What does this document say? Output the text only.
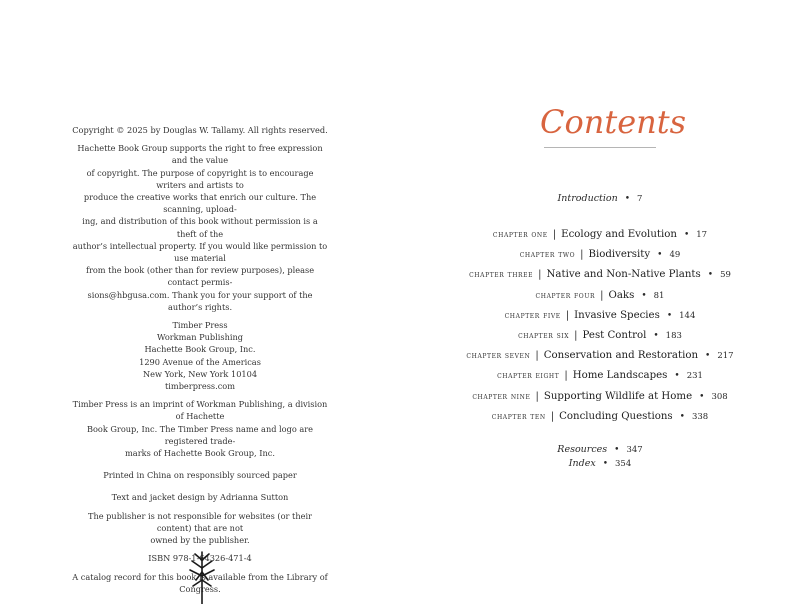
Copyright © 2025 by Douglas W. Tallamy. All rights reserved.
Hachette Book Group supports the right to free expression and the value
of copyright. The purpose of copyright is to encourage writers and artists to
produce the creative works that enrich our culture. The scanning, upload-
ing, and distribution of this book without permission is a theft of the
author’s intellectual property. If you would like permission to use material
from the book (other than for review purposes), please contact permis-
sions@hbgusa.com. Thank you for your support of the author’s rights.
Timber Press
Workman Publishing
Hachette Book Group, Inc.
1290 Avenue of the Americas
New York, New York 10104
timberpress.com
Timber Press is an imprint of Workman Publishing, a division of Hachette
Book Group, Inc. The Timber Press name and logo are registered trade-
marks of Hachette Book Group, Inc.
Printed in China on responsibly sourced paper
Text and jacket design by Adrianna Sutton
The publisher is not responsible for websites (or their content) that are not
owned by the publisher.
ISBN 978-1-64326-471-4
A catalog record for this book is available from the Library of Congress.
Contents
Introduction • 7
chapter one | Ecology and Evolution • 17
chapter two | Biodiversity • 49
chapter three | Native and Non-Native Plants • 59
chapter four | Oaks • 81
chapter five | Invasive Species • 144
chapter six | Pest Control • 183
chapter seven | Conservation and Restoration • 217
chapter eight | Home Landscapes • 231
chapter nine | Supporting Wildlife at Home • 308
chapter ten | Concluding Questions • 338
Resources • 347
Index • 354
